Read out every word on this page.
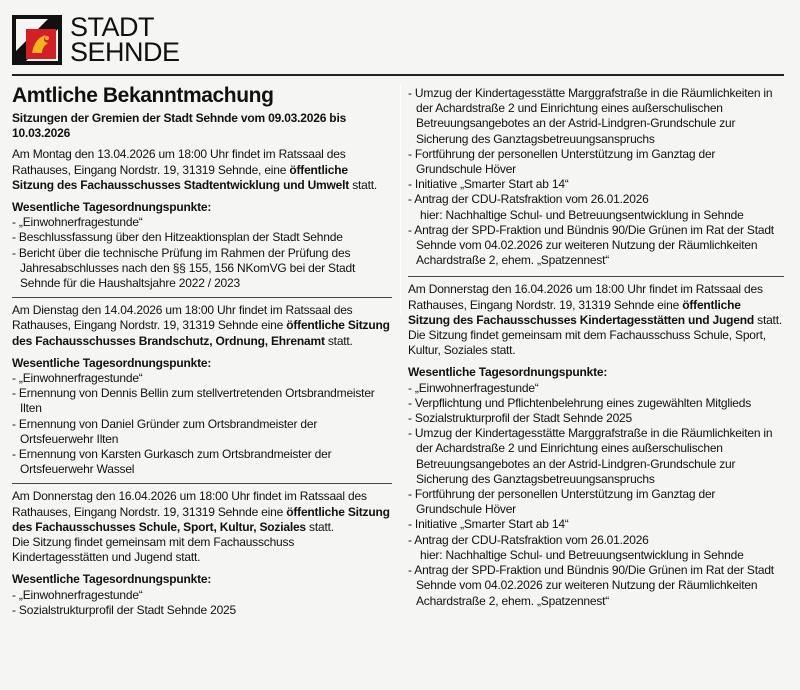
STADT
SEHNDE
Amtliche Bekanntmachung
Sitzungen der Gremien der Stadt Sehnde vom 09.03.2026 bis 10.03.2026

Am Montag den 13.04.2026 um 18:00 Uhr findet im Ratssaal des Rathauses, Eingang Nordstr. 19, 31319 Sehnde, eine öffentliche Sitzung des Fachausschusses Stadtentwicklung und Umwelt statt.

Wesentliche Tagesordnungspunkte:
- „Einwohnerfragestunde“
- Beschlussfassung über den Hitzeaktionsplan der Stadt Sehnde
- Bericht über die technische Prüfung im Rahmen der Prüfung des Jahresabschlusses nach den §§ 155, 156 NKomVG bei der Stadt Sehnde für die Haushaltsjahre 2022 / 2023

Am Dienstag den 14.04.2026 um 18:00 Uhr findet im Ratssaal des Rathauses, Eingang Nordstr. 19, 31319 Sehnde eine öffentliche Sitzung des Fachausschusses Brandschutz, Ordnung, Ehrenamt statt.

Wesentliche Tagesordnungspunkte:
- „Einwohnerfragestunde“
- Ernennung von Dennis Bellin zum stellvertretenden Ortsbrandmeister Ilten
- Ernennung von Daniel Gründer zum Ortsbrandmeister der Ortsfeuerwehr Ilten
- Ernennung von Karsten Gurkasch zum Ortsbrandmeister der Ortsfeuerwehr Wassel

Am Donnerstag den 16.04.2026 um 18:00 Uhr findet im Ratssaal des Rathauses, Eingang Nordstr. 19, 31319 Sehnde eine öffentliche Sitzung des Fachausschusses Schule, Sport, Kultur, Soziales statt.

Die Sitzung findet gemeinsam mit dem Fachausschuss Kindertagesstätten und Jugend statt.

Wesentliche Tagesordnungspunkte:
- „Einwohnerfragestunde“
- Sozialstrukturprofil der Stadt Sehnde 2025
- Umzug der Kindertagesstätte Marggrafstraße in die Räumlichkeiten in der Achardstraße 2 und Einrichtung eines außerschulischen Betreuungsangebotes an der Astrid-Lindgren-Grundschule zur Sicherung des Ganztagsbetreuungsanspruchs
- Fortführung der personellen Unterstützung im Ganztag der Grundschule Höver
- Initiative „Smarter Start ab 14“
- Antrag der CDU-Ratsfraktion vom 26.01.2026
hier: Nachhaltige Schul- und Betreuungsentwicklung in Sehnde
- Antrag der SPD-Fraktion und Bündnis 90/Die Grünen im Rat der Stadt Sehnde vom 04.02.2026 zur weiteren Nutzung der Räumlichkeiten Achardstraße 2, ehem. „Spatzennest“

Am Donnerstag den 16.04.2026 um 18:00 Uhr findet im Ratssaal des Rathauses, Eingang Nordstr. 19, 31319 Sehnde eine öffentliche Sitzung des Fachausschusses Kindertagesstätten und Jugend statt.

Die Sitzung findet gemeinsam mit dem Fachausschuss Schule, Sport, Kultur, Soziales statt.

Wesentliche Tagesordnungspunkte:
- „Einwohnerfragestunde“
- Verpflichtung und Pflichtenbelehrung eines zugewählten Mitglieds
- Sozialstrukturprofil der Stadt Sehnde 2025
- Umzug der Kindertagesstätte Marggrafstraße in die Räumlichkeiten in der Achardstraße 2 und Einrichtung eines außerschulischen Betreuungsangebotes an der Astrid-Lindgren-Grundschule zur Sicherung des Ganztagsbetreuungsanspruchs
- Fortführung der personellen Unterstützung im Ganztag der Grundschule Höver
- Initiative „Smarter Start ab 14“
- Antrag der CDU-Ratsfraktion vom 26.01.2026
hier: Nachhaltige Schul- und Betreuungsentwicklung in Sehnde
- Antrag der SPD-Fraktion und Bündnis 90/Die Grünen im Rat der Stadt Sehnde vom 04.02.2026 zur weiteren Nutzung der Räumlichkeiten Achardstraße 2, ehem. „Spatzennest“
